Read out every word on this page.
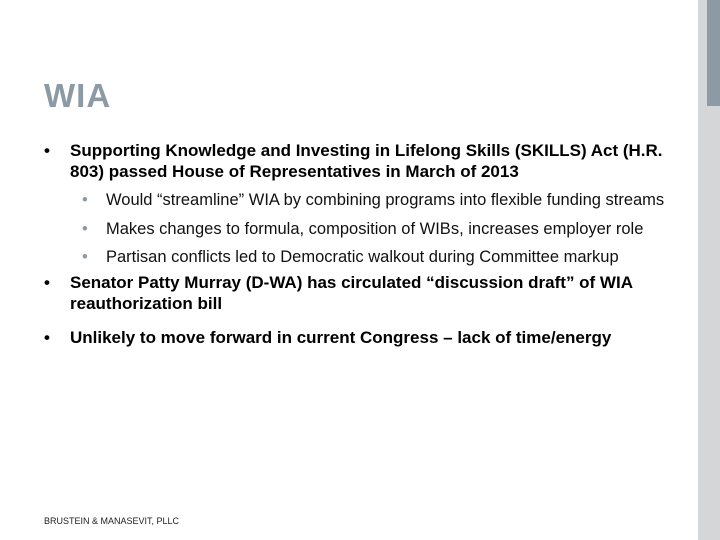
WIA
• Supporting Knowledge and Investing in Lifelong Skills (SKILLS) Act (H.R. 803) passed House of Representatives in March of 2013
• Would “streamline” WIA by combining programs into flexible funding streams
• Makes changes to formula, composition of WIBs, increases employer role
• Partisan conflicts led to Democratic walkout during Committee markup
• Senator Patty Murray (D-WA) has circulated “discussion draft” of WIA reauthorization bill
• Unlikely to move forward in current Congress – lack of time/energy
BRUSTEIN & MANASEVIT, PLLC
